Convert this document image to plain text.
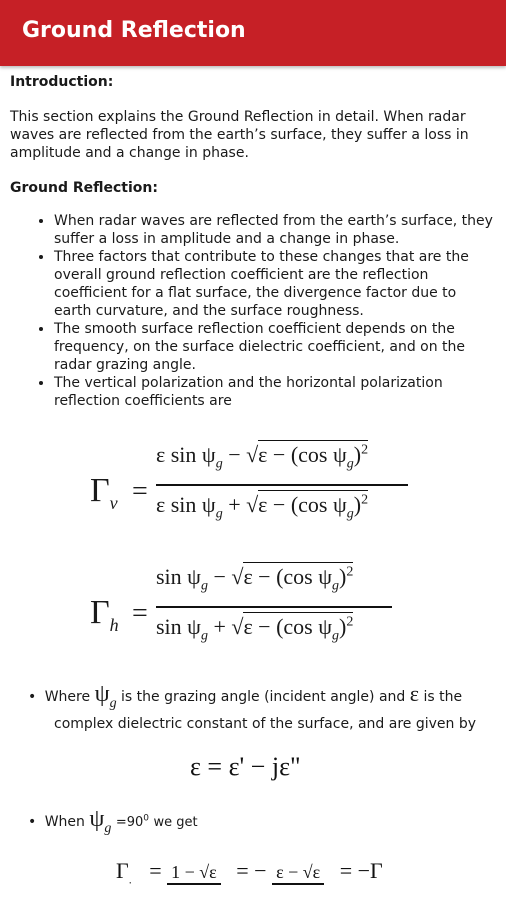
Ground Reflection
Introduction:
This section explains the Ground Reflection in detail. When radar waves are reflected from the earth’s surface, they suffer a loss in amplitude and a change in phase.
Ground Reflection:
• When radar waves are reflected from the earth’s surface, they suffer a loss in amplitude and a change in phase.
• Three factors that contribute to these changes that are the overall ground reflection coefficient are the reflection coefficient for a flat surface, the divergence factor due to earth curvature, and the surface roughness.
• The smooth surface reflection coefficient depends on the frequency, on the surface dielectric coefficient, and on the radar grazing angle.
• The vertical polarization and the horizontal polarization reflection coefficients are
$\Gamma_v$ =
ε $\sin \psi_g - √\varepsilon - (\cos$ $\psi_g)^2$
ε $\sin \psi_g + √\varepsilon - (\cos$ $\psi_g)^2$
$\Gamma_h$ =
$\sin \psi_g - √\varepsilon - (\cos$ $\psi_g)^2$
$\sin \psi_g + √\varepsilon - (\cos$ $\psi_g)^2$
• Where $\psi_g$ is the grazing angle (incident angle) and ε is the
complex dielectric constant of the surface, and are given by
ε = ε' − jε"
• When $\psi_g =90^0$ we get
$\Gamma_. = 1 - √\varepsilon$ = − ε − √ε = −Γ
